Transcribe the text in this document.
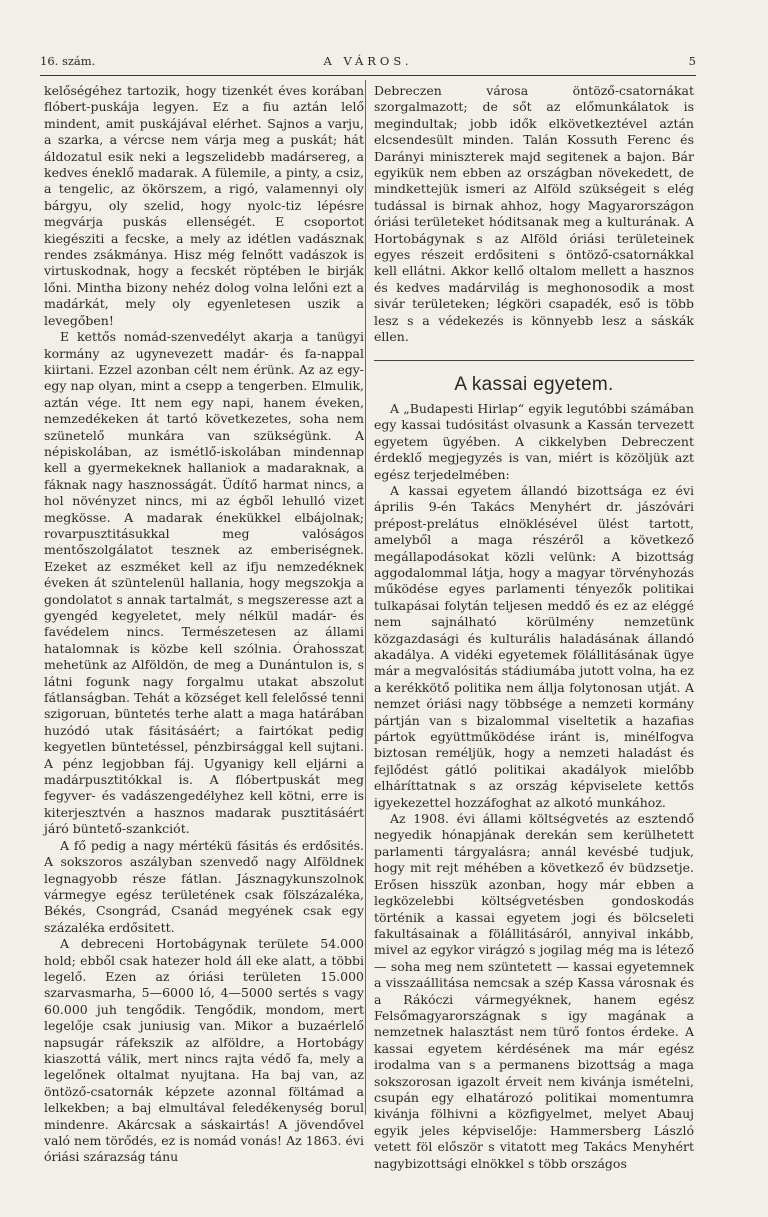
16. szám.	A VÁROS.	5

kelőségéhez tartozik, hogy tizenkét éves korában flóbert-puskája legyen. Ez a fiu aztán lelő mindent, amit puskájával elérhet. Sajnos a varju, a szarka, a vércse nem várja meg a puskát; hát áldozatul esik neki a legszelidebb madársereg, a kedves éneklő madarak. A fülemile, a pinty, a csiz, a tengelic, az ökörszem, a rigó, valamennyi oly bárgyu, oly szelid, hogy nyolc-tiz lépésre megvárja puskás ellenségét. E csoportot kiegésziti a fecske, a mely az idétlen vadásznak rendes zsákmánya. Hisz még felnőtt vadászok is virtuskodnak, hogy a fecskét röptében le birják lőni. Mintha bizony nehéz dolog volna lelőni ezt a madárkát, mely oly egyenletesen uszik a levegőben!

E kettős nomád-szenvedélyt akarja a tanügyi kormány az ugynevezett madár- és fa-nappal kiirtani. Ezzel azonban célt nem érünk. Az az egy-egy nap olyan, mint a csepp a tengerben. Elmulik, aztán vége. Itt nem egy napi, hanem éveken, nemzedékeken át tartó következetes, soha nem szünetelő munkára van szükségünk. A népiskolában, az ismétlő-iskolában mindennap kell a gyermekeknek hallaniok a madaraknak, a fáknak nagy hasznosságát. Üdítő harmat nincs, a hol növényzet nincs, mi az égből lehulló vizet megkösse. A madarak énekükkel elbájolnak; rovarpusztitásukkal meg valóságos mentőszolgálatot tesznek az emberiségnek. Ezeket az eszméket kell az ifju nemzedéknek éveken át szüntelenül hallania, hogy megszokja a gondolatot s annak tartalmát, s megszeresse azt a gyengéd kegyeletet, mely nélkül madár- és favédelem nincs. Természetesen az állami hatalomnak is közbe kell szólnia. Órahosszat mehetünk az Alföldön, de meg a Dunántulon is, s látni fogunk nagy forgalmu utakat abszolut fátlanságban. Tehát a községet kell felelőssé tenni szigoruan, büntetés terhe alatt a maga határában huzódó utak fásitásáért; a fairtókat pedig kegyetlen büntetéssel, pénzbirsággal kell sujtani. A pénz legjobban fáj. Ugyanigy kell eljárni a madárpusztitókkal is. A flóbertpuskát meg fegyver- és vadászengedélyhez kell kötni, erre is kiterjesztvén a hasznos madarak pusztitásáért járó büntető-szankciót.

A fő pedig a nagy mértékü fásitás és erdősités. A sokszoros aszályban szenvedő nagy Alföldnek legnagyobb része fátlan. Jásznagykunszolnok vármegye egész területének csak fölszázaléka, Békés, Csongrád, Csanád megyének csak egy százaléka erdősitett.

A debreceni Hortobágynak területe 54.000 hold; ebből csak hatezer hold áll eke alatt, a többi legelő. Ezen az óriási területen 15.000 szarvasmarha, 5—6000 ló, 4—5000 sertés s vagy 60.000 juh tengődik. Tengődik, mondom, mert legelője csak juniusig van. Mikor a buzaérlelő napsugár ráfekszik az alföldre, a Hortobágy kiaszottá válik, mert nincs rajta védő fa, mely a legelőnek oltalmat nyujtana. Ha baj van, az öntöző-csatornák képzete azonnal föltámad a lelkekben; a baj elmultával feledékenység borul mindenre. Akárcsak a sáskairtás! A jövendővel való nem törődés, ez is nomád vonás! Az 1863. évi óriási szárazság tánu

Debreczen városa öntöző-csatornákat szorgalmazott; de sőt az előmunkálatok is megindultak; jobb idők elkövetkeztével aztán elcsendesült minden. Talán Kossuth Ferenc és Darányi miniszterek majd segitenek a bajon. Bár egyikük nem ebben az országban növekedett, de mindkettejük ismeri az Alföld szükségeit s elég tudással is birnak ahhoz, hogy Magyarországon óriási területeket hóditsanak meg a kulturának. A Hortobágynak s az Alföld óriási területeinek egyes részeit erdősiteni s öntöző-csatornákkal kell ellátni. Akkor kellő oltalom mellett a hasznos és kedves madárvilág is meghonosodik a most sivár területeken; légköri csapadék, eső is több lesz s a védekezés is könnyebb lesz a sáskák ellen.

A kassai egyetem.

A „Budapesti Hirlap“ egyik legutóbbi számában egy kassai tudósitást olvasunk a Kassán tervezett egyetem ügyében. A cikkelyben Debreczent érdeklő megjegyzés is van, miért is közöljük azt egész terjedelmében:

A kassai egyetem állandó bizottsága ez évi április 9-én Takács Menyhért dr. jászóvári prépost-prelátus elnöklésével ülést tartott, amelyből a maga részéről a következő megállapodásokat közli velünk: A bizottság aggodalommal látja, hogy a magyar törvényhozás működése egyes parlamenti tényezők politikai tulkapásai folytán teljesen meddő és ez az eléggé nem sajnálható körülmény nemzetünk közgazdasági és kulturális haladásának állandó akadálya. A vidéki egyetemek fölállitásának ügye már a megvalósitás stádiumába jutott volna, ha ez a kerékkötő politika nem állja folytonosan utját. A nemzet óriási nagy többsége a nemzeti kormány pártján van s bizalommal viseltetik a hazafias pártok együttműködése iránt is, minélfogva biztosan reméljük, hogy a nemzeti haladást és fejlődést gátló politikai akadályok mielőbb elháríttatnak s az ország képviselete kettős igyekezettel hozzáfoghat az alkotó munkához.

Az 1908. évi állami költségvetés az esztendő negyedik hónapjának derekán sem kerülhetett parlamenti tárgyalásra; annál kevésbé tudjuk, hogy mit rejt méhében a következő év büdzsetje. Erősen hisszük azonban, hogy már ebben a legközelebbi költségvetésben gondoskodás történik a kassai egyetem jogi és bölcseleti fakultásainak a fölállitásáról, annyival inkább, mivel az egykor virágzó s jogilag még ma is létező — soha meg nem szüntetett — kassai egyetemnek a visszaállitása nemcsak a szép Kassa városnak és a Rákóczi vármegyéknek, hanem egész Felsőmagyarországnak s igy magának a nemzetnek halasztást nem türő fontos érdeke. A kassai egyetem kérdésének ma már egész irodalma van s a permanens bizottság a maga sokszorosan igazolt érveit nem kivánja ismételni, csupán egy elhatározó politikai momentumra kivánja fölhivni a közfigyelmet, melyet Abauj egyik jeles képviselője: Hammersberg László vetett föl először s vitatott meg Takács Menyhért nagybizottsági elnökkel s több országos
